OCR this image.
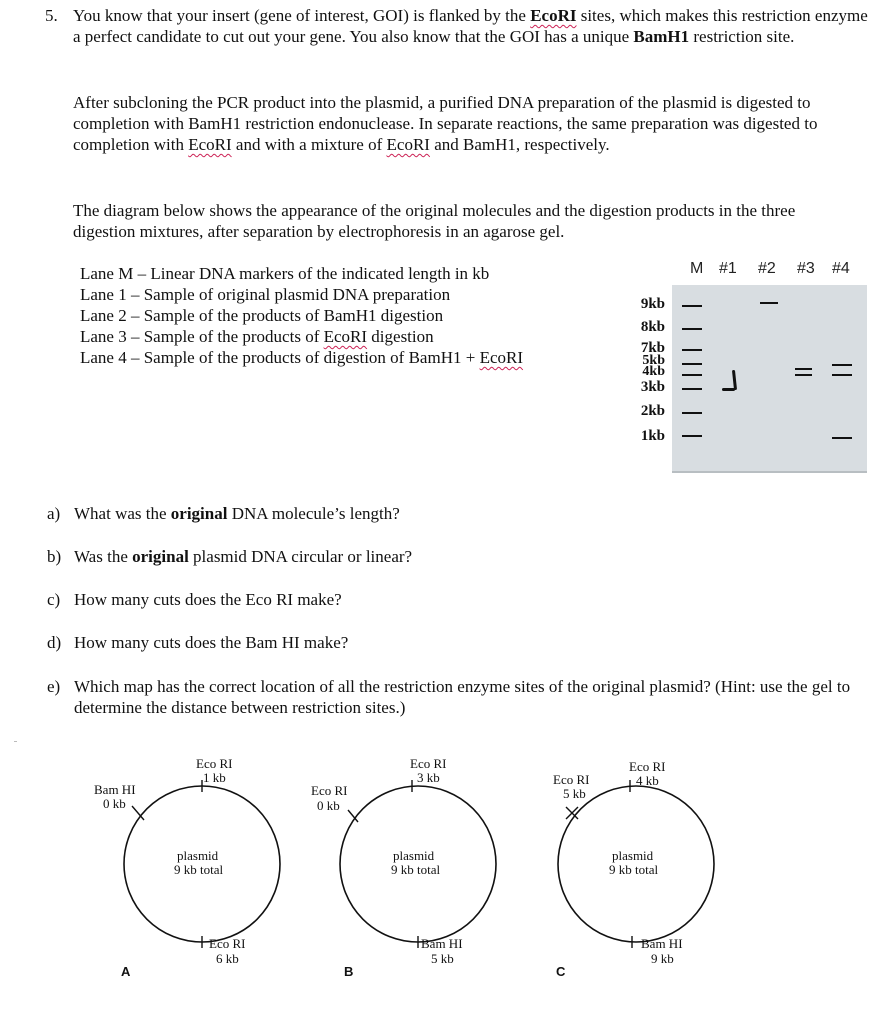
5. You know that your insert (gene of interest, GOI) is flanked by the EcoRI sites, which makes this restriction enzyme a perfect candidate to cut out your gene. You also know that the GOI has a unique BamH1 restriction site.
After subcloning the PCR product into the plasmid, a purified DNA preparation of the plasmid is digested to completion with BamH1 restriction endonuclease. In separate reactions, the same preparation was digested to completion with EcoRI and with a mixture of EcoRI and BamH1, respectively.
The diagram below shows the appearance of the original molecules and the digestion products in the three digestion mixtures, after separation by electrophoresis in an agarose gel.
Lane M – Linear DNA markers of the indicated length in kb
Lane 1 – Sample of original plasmid DNA preparation
Lane 2 – Sample of the products of BamH1 digestion
Lane 3 – Sample of the products of EcoRI digestion
Lane 4 – Sample of the products of digestion of BamH1 + EcoRI
M #1 #2 #3 #4
9kb
8kb
7kb
5kb
4kb
3kb
2kb
1kb
a) What was the original DNA molecule’s length?
b) Was the original plasmid DNA circular or linear?
c) How many cuts does the Eco RI make?
d) How many cuts does the Bam HI make?
e) Which map has the correct location of all the restriction enzyme sites of the original plasmid? (Hint: use the gel to determine the distance between restriction sites.)
Bam HI
0 kb
Eco RI
1 kb
Eco RI
6 kb
plasmid
9 kb total
A
Eco RI
0 kb
Eco RI
3 kb
Bam HI
5 kb
plasmid
9 kb total
B
Eco RI
5 kb
Eco RI
4 kb
Bam HI
9 kb
plasmid
9 kb total
C
